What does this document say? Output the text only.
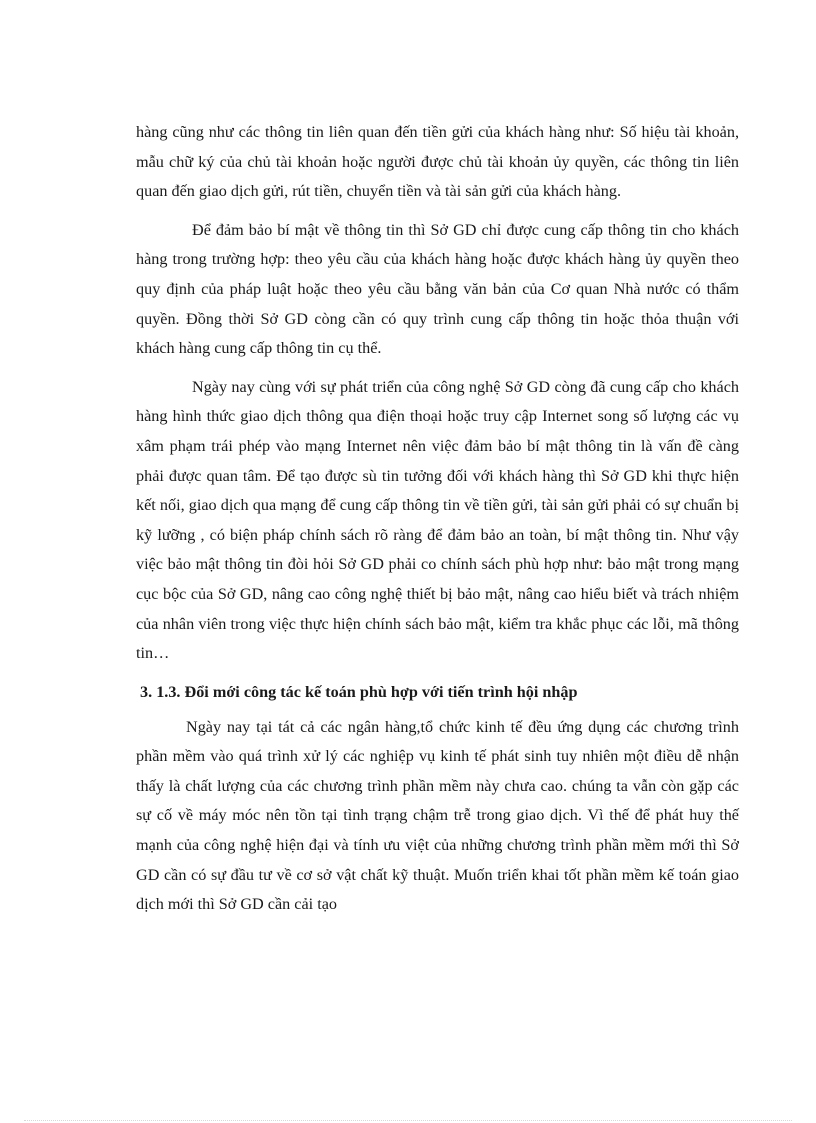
hàng cũng như các thông tin liên quan đến tiền gửi của khách hàng như: Số hiệu tài khoản, mẫu chữ ký của chủ tài khoản hoặc người được chủ tài khoản ủy quyền, các thông tin liên quan đến giao dịch gửi, rút tiền, chuyển tiền và tài sản gửi của khách hàng.

Để đảm bảo bí mật về thông tin thì Sở GD chỉ được cung cấp thông tin cho khách hàng trong trường hợp: theo yêu cầu của khách hàng hoặc được khách hàng ủy quyền theo quy định của pháp luật hoặc theo yêu cầu bằng văn bản của Cơ quan Nhà nước có thẩm quyền. Đồng thời Sở GD còng cần có quy trình cung cấp thông tin hoặc thỏa thuận với khách hàng cung cấp thông tin cụ thể.

Ngày nay cùng với sự phát triển của công nghệ Sở GD còng đã cung cấp cho khách hàng hình thức giao dịch thông qua điện thoại hoặc truy cập Internet song số lượng các vụ xâm phạm trái phép vào mạng Internet nên việc đảm bảo bí mật thông tin là vấn đề càng phải được quan tâm. Để tạo được sù tin tưởng đối với khách hàng thì Sở GD khi thực hiện kết nối, giao dịch qua mạng để cung cấp thông tin về tiền gửi, tài sản gửi phải có sự chuẩn bị kỹ lưỡng , có biện pháp chính sách rõ ràng để đảm bảo an toàn, bí mật thông tin. Như vậy việc bảo mật thông tin đòi hỏi Sở GD phải co chính sách phù hợp như: bảo mật trong mạng cục bộc của Sở GD, nâng cao công nghệ thiết bị bảo mật, nâng cao hiểu biết và trách nhiệm của nhân viên trong việc thực hiện chính sách bảo mật, kiểm tra khắc phục các lỗi, mã thông tin…

3. 1.3. Đổi mới công tác kế toán phù hợp với tiến trình hội nhập

Ngày nay tại tát cả các ngân hàng,tổ chức kinh tế đều ứng dụng các chương trình phần mềm vào quá trình xử lý các nghiệp vụ kinh tế phát sinh tuy nhiên một điều dễ nhận thấy là chất lượng của các chương trình phần mềm này chưa cao. chúng ta vẫn còn gặp các sự cố về máy móc nên tồn tại tình trạng chậm trễ trong giao dịch. Vì thế để phát huy thế mạnh của công nghệ hiện đại và tính ưu việt của những chương trình phần mềm mới thì Sở GD cần có sự đầu tư về cơ sở vật chất kỹ thuật. Muốn triển khai tốt phần mềm kế toán giao dịch mới thì Sở GD cần cải tạo
